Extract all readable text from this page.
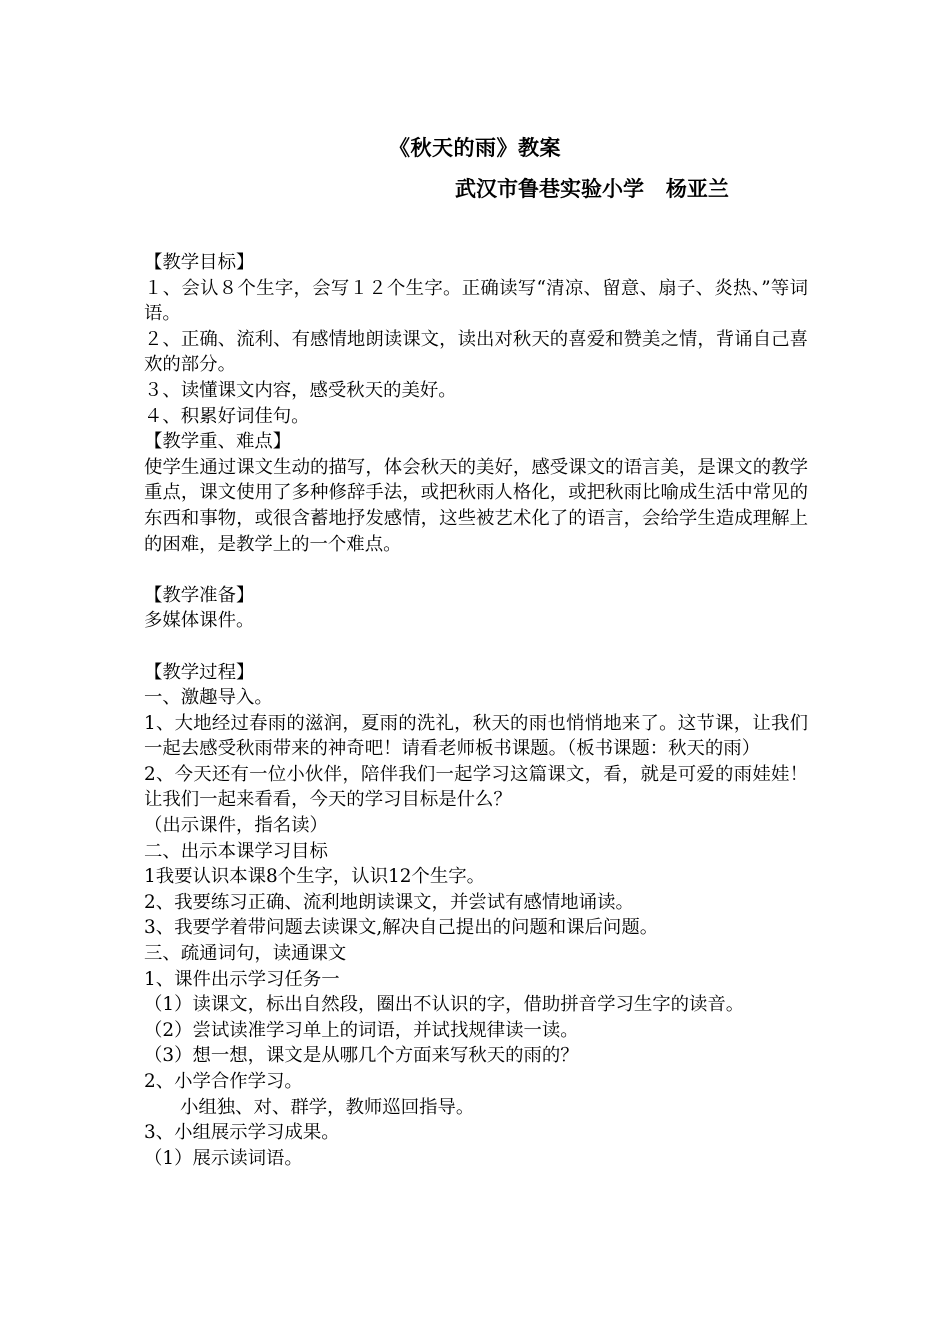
《秋天的雨》教案
武汉市鲁巷实验小学   杨亚兰

【教学目标】

１、会认８个生字，会写１２个生字。正确读写“清凉、留意、扇子、炎热、”等词语。

２、正确、流利、有感情地朗读课文，读出对秋天的喜爱和赞美之情，背诵自己喜欢的部分。

３、读懂课文内容，感受秋天的美好。

４、积累好词佳句。

【教学重、难点】

使学生通过课文生动的描写，体会秋天的美好，感受课文的语言美，是课文的教学重点，课文使用了多种修辞手法，或把秋雨人格化，或把秋雨比喻成生活中常见的东西和事物，或很含蓄地抒发感情，这些被艺术化了的语言，会给学生造成理解上的困难，是教学上的一个难点。

【教学准备】

多媒体课件。

【教学过程】

一、激趣导入。

1、大地经过春雨的滋润，夏雨的洗礼，秋天的雨也悄悄地来了。这节课，让我们一起去感受秋雨带来的神奇吧！请看老师板书课题。（板书课题：秋天的雨）

2、今天还有一位小伙伴，陪伴我们一起学习这篇课文，看，就是可爱的雨娃娃！让我们一起来看看，今天的学习目标是什么？

（出示课件，指名读）

二、出示本课学习目标

1我要认识本课8个生字，认识12个生字。

2、我要练习正确、流利地朗读课文，并尝试有感情地诵读。

3、我要学着带问题去读课文,解决自己提出的问题和课后问题。

三、疏通词句，读通课文

1、课件出示学习任务一

（1）读课文，标出自然段，圈出不认识的字，借助拼音学习生字的读音。

（2）尝试读准学习单上的词语，并试找规律读一读。

（3）想一想，课文是从哪几个方面来写秋天的雨的？

2、小学合作学习。

小组独、对、群学，教师巡回指导。

3、小组展示学习成果。

（1）展示读词语。
